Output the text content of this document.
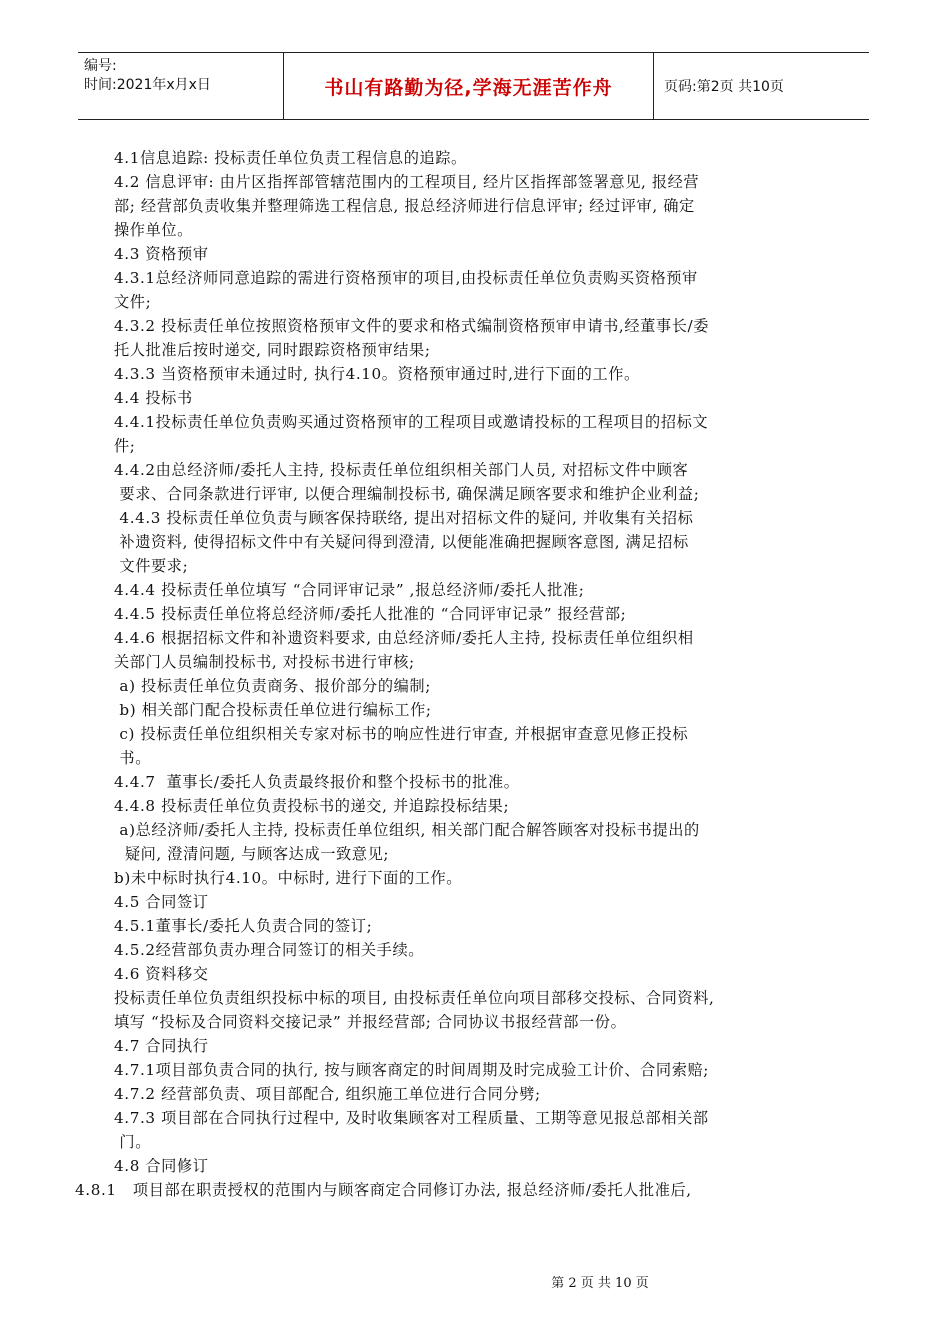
编号:
时间:2021年x月x日	书山有路勤为径,学海无涯苦作舟	页码:第2页 共10页
4.1信息追踪: 投标责任单位负责工程信息的追踪。
4.2 信息评审: 由片区指挥部管辖范围内的工程项目, 经片区指挥部签署意见, 报经营
部; 经营部负责收集并整理筛选工程信息, 报总经济师进行信息评审; 经过评审, 确定
操作单位。
4.3 资格预审
4.3.1总经济师同意追踪的需进行资格预审的项目,由投标责任单位负责购买资格预审
文件;
4.3.2 投标责任单位按照资格预审文件的要求和格式编制资格预审申请书,经董事长/委
托人批准后按时递交, 同时跟踪资格预审结果;
4.3.3 当资格预审未通过时, 执行4.10。资格预审通过时,进行下面的工作。
4.4 投标书
4.4.1投标责任单位负责购买通过资格预审的工程项目或邀请投标的工程项目的招标文
件;
4.4.2由总经济师/委托人主持, 投标责任单位组织相关部门人员, 对招标文件中顾客
要求、合同条款进行评审, 以便合理编制投标书, 确保满足顾客要求和维护企业利益;
4.4.3 投标责任单位负责与顾客保持联络, 提出对招标文件的疑问, 并收集有关招标
补遗资料, 使得招标文件中有关疑问得到澄清, 以便能准确把握顾客意图, 满足招标
文件要求;
4.4.4 投标责任单位填写 “合同评审记录” ,报总经济师/委托人批准;
4.4.5 投标责任单位将总经济师/委托人批准的 “合同评审记录” 报经营部;
4.4.6 根据招标文件和补遗资料要求, 由总经济师/委托人主持, 投标责任单位组织相
关部门人员编制投标书, 对投标书进行审核;
a) 投标责任单位负责商务、报价部分的编制;
b) 相关部门配合投标责任单位进行编标工作;
c) 投标责任单位组织相关专家对标书的响应性进行审查, 并根据审查意见修正投标
书。
4.4.7  董事长/委托人负责最终报价和整个投标书的批准。
4.4.8 投标责任单位负责投标书的递交, 并追踪投标结果;
a)总经济师/委托人主持, 投标责任单位组织, 相关部门配合解答顾客对投标书提出的
疑问, 澄清问题, 与顾客达成一致意见;
b)未中标时执行4.10。中标时, 进行下面的工作。
4.5 合同签订
4.5.1董事长/委托人负责合同的签订;
4.5.2经营部负责办理合同签订的相关手续。
4.6 资料移交
投标责任单位负责组织投标中标的项目, 由投标责任单位向项目部移交投标、合同资料,
填写 “投标及合同资料交接记录” 并报经营部; 合同协议书报经营部一份。
4.7 合同执行
4.7.1项目部负责合同的执行, 按与顾客商定的时间周期及时完成验工计价、合同索赔;
4.7.2 经营部负责、项目部配合, 组织施工单位进行合同分劈;
4.7.3 项目部在合同执行过程中, 及时收集顾客对工程质量、工期等意见报总部相关部
门。
4.8 合同修订
4.8.1   项目部在职责授权的范围内与顾客商定合同修订办法, 报总经济师/委托人批准后,
第 2 页 共 10 页
